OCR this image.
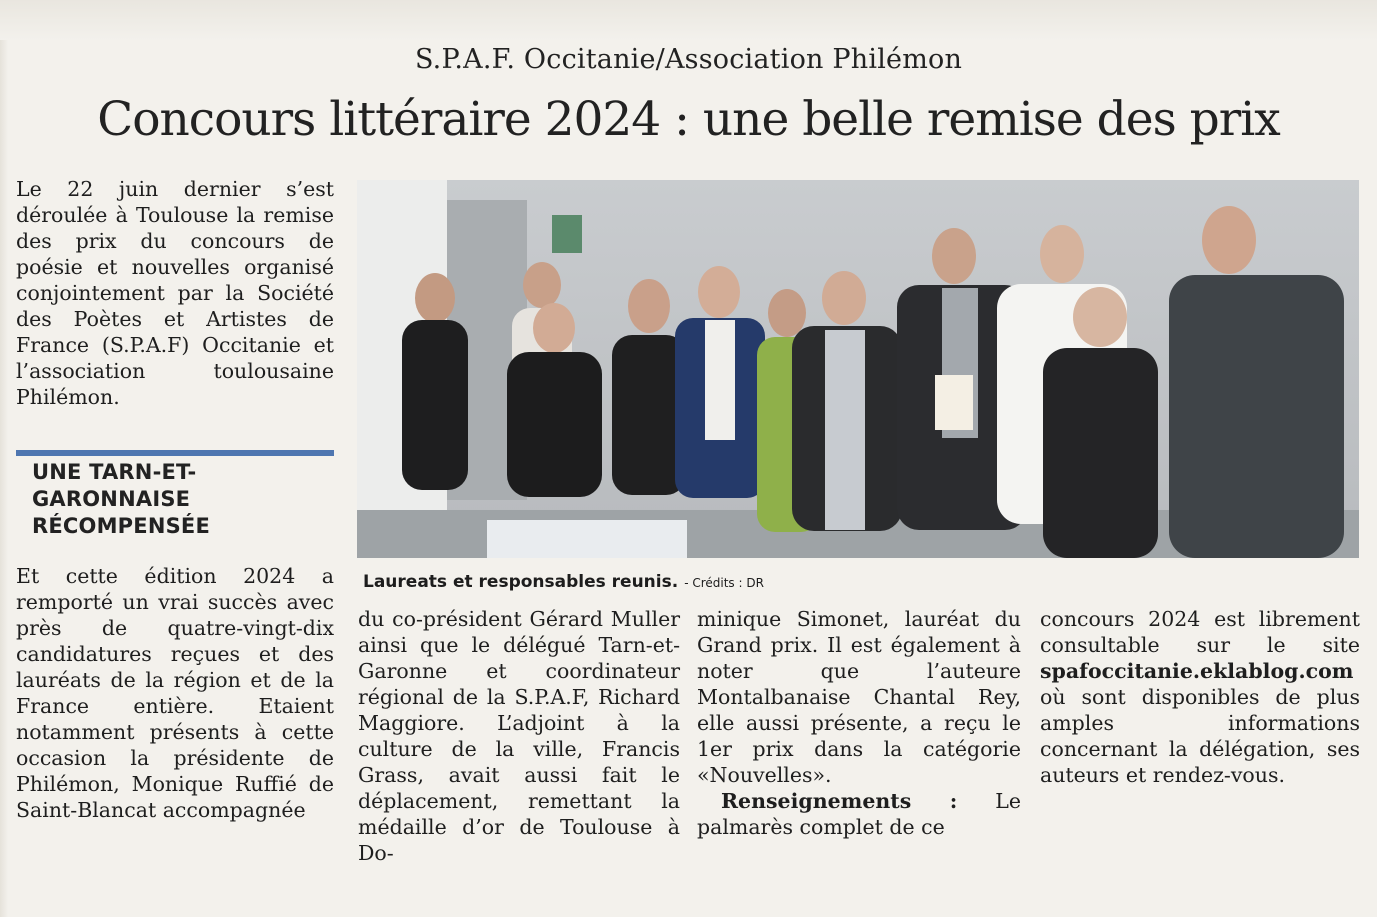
S.P.A.F. Occitanie/Association Philémon
Concours littéraire 2024 : une belle remise des prix

Le 22 juin dernier s’est déroulée à Toulouse la remise des prix du concours de poésie et nouvelles organisé conjointement par la Société des Poètes et Artistes de France (S.P.A.F) Occitanie et l’association toulousaine Philémon.

UNE TARN-ET-GARONNAISE RÉCOMPENSÉE

Et cette édition 2024 a remporté un vrai succès avec près de quatre-vingt-dix candidatures reçues et des lauréats de la région et de la France entière. Etaient notamment présents à cette occasion la présidente de Philémon, Monique Ruffié de Saint-Blancat accompagnée

Laureats et responsables reunis. - Crédits : DR

du co-président Gérard Muller ainsi que le délégué Tarn-et-Garonne et coordinateur régional de la S.P.A.F, Richard Maggiore. L’adjoint à la culture de la ville, Francis Grass, avait aussi fait le déplacement, remettant la médaille d’or de Toulouse à Do-

minique Simonet, lauréat du Grand prix. Il est également à noter que l’auteure Montalbanaise Chantal Rey, elle aussi présente, a reçu le 1er prix dans la catégorie «Nouvelles».

Renseignements : Le palmarès complet de ce

concours 2024 est librement consultable sur le site spafoccitanie.eklablog.com où sont disponibles de plus amples informations concernant la délégation, ses auteurs et rendez-vous.
